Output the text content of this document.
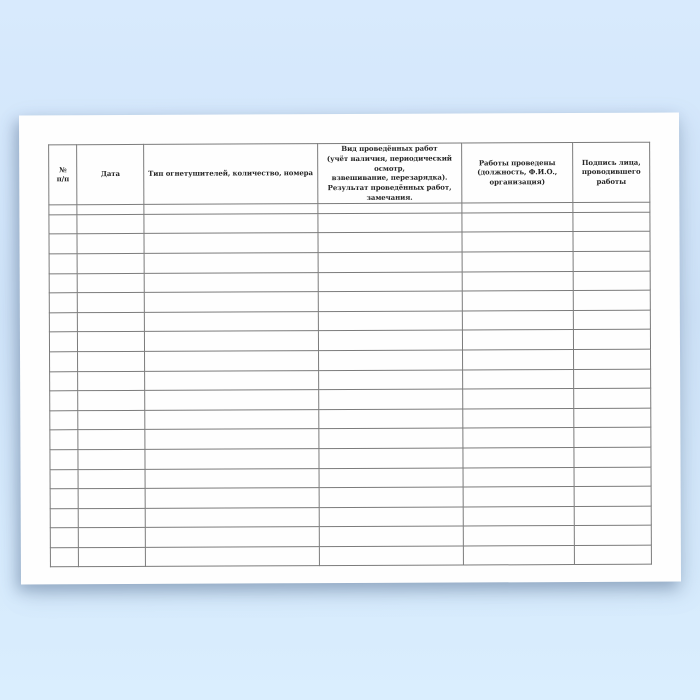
№
п/п	Дата	Тип огнетушителей, количество, номера	Вид проведённых работ
(учёт наличия, периодический осмотр,
взвешивание, перезарядка).
Результат проведённых работ, замечания.	Работы проведены
(должность, Ф.И.О.,
организация)	Подпись лица,
проводившего
работы
